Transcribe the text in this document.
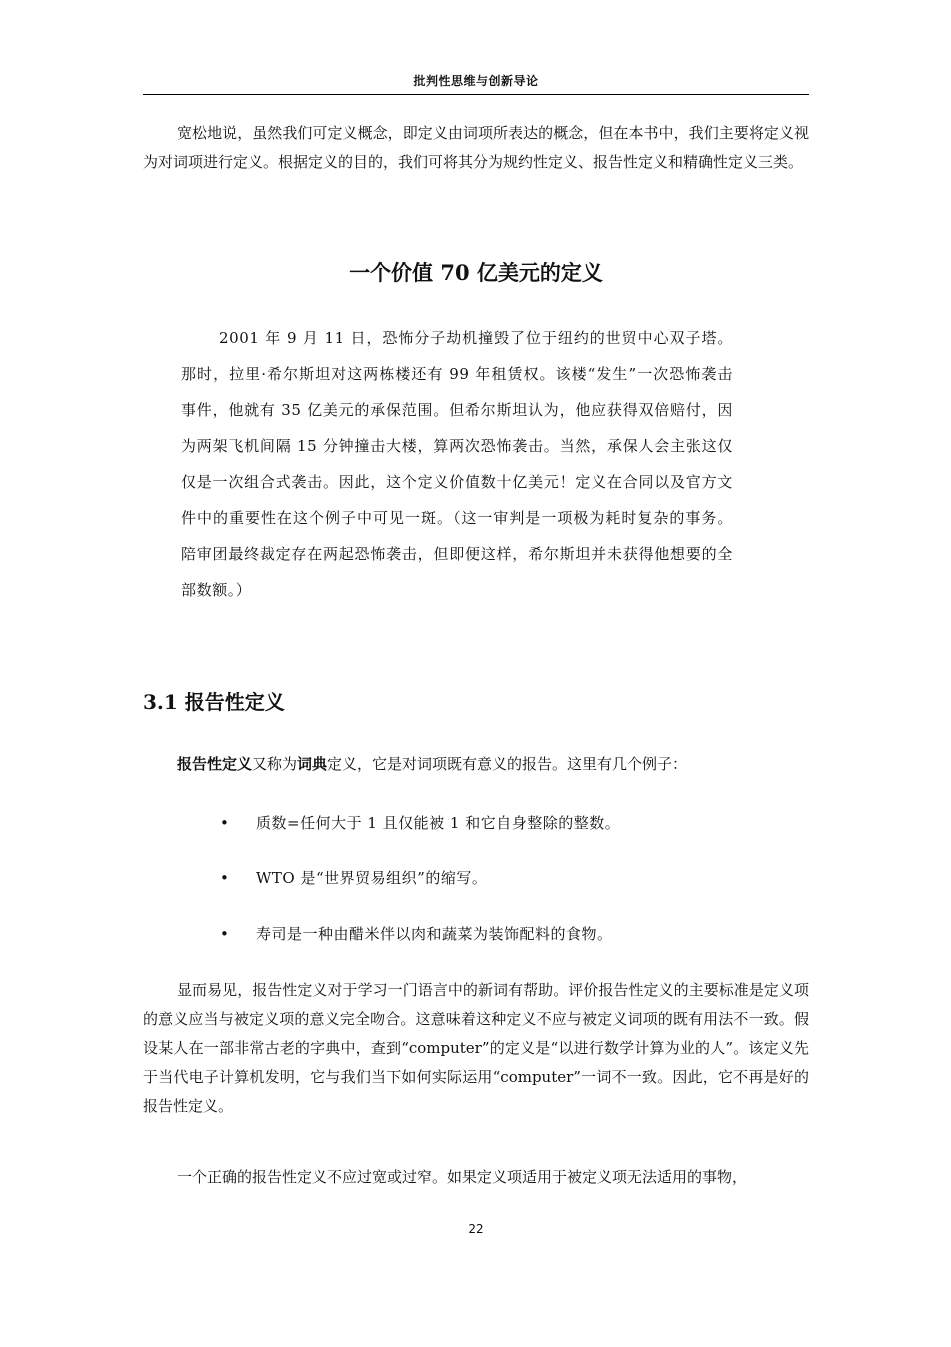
批判性思维与创新导论

宽松地说，虽然我们可定义概念，即定义由词项所表达的概念，但在本书中，我们主要将定义视为对词项进行定义。根据定义的目的，我们可将其分为规约性定义、报告性定义和精确性定义三类。

一个价值 70 亿美元的定义

2001 年 9 月 11 日，恐怖分子劫机撞毁了位于纽约的世贸中心双子塔。那时，拉里·希尔斯坦对这两栋楼还有 99 年租赁权。该楼“发生”一次恐怖袭击事件，他就有 35 亿美元的承保范围。但希尔斯坦认为，他应获得双倍赔付，因为两架飞机间隔 15 分钟撞击大楼，算两次恐怖袭击。当然，承保人会主张这仅仅是一次组合式袭击。因此，这个定义价值数十亿美元！定义在合同以及官方文件中的重要性在这个例子中可见一斑。（这一审判是一项极为耗时复杂的事务。陪审团最终裁定存在两起恐怖袭击，但即便这样，希尔斯坦并未获得他想要的全部数额。）

3.1 报告性定义

报告性定义又称为词典定义，它是对词项既有意义的报告。这里有几个例子：

• 质数=任何大于 1 且仅能被 1 和它自身整除的整数。
• WTO 是“世界贸易组织”的缩写。
• 寿司是一种由醋米伴以肉和蔬菜为装饰配料的食物。

显而易见，报告性定义对于学习一门语言中的新词有帮助。评价报告性定义的主要标准是定义项的意义应当与被定义项的意义完全吻合。这意味着这种定义不应与被定义词项的既有用法不一致。假设某人在一部非常古老的字典中，查到“computer”的定义是“以进行数学计算为业的人”。该定义先于当代电子计算机发明，它与我们当下如何实际运用“computer”一词不一致。因此，它不再是好的报告性定义。

一个正确的报告性定义不应过宽或过窄。如果定义项适用于被定义项无法适用的事物，

22
